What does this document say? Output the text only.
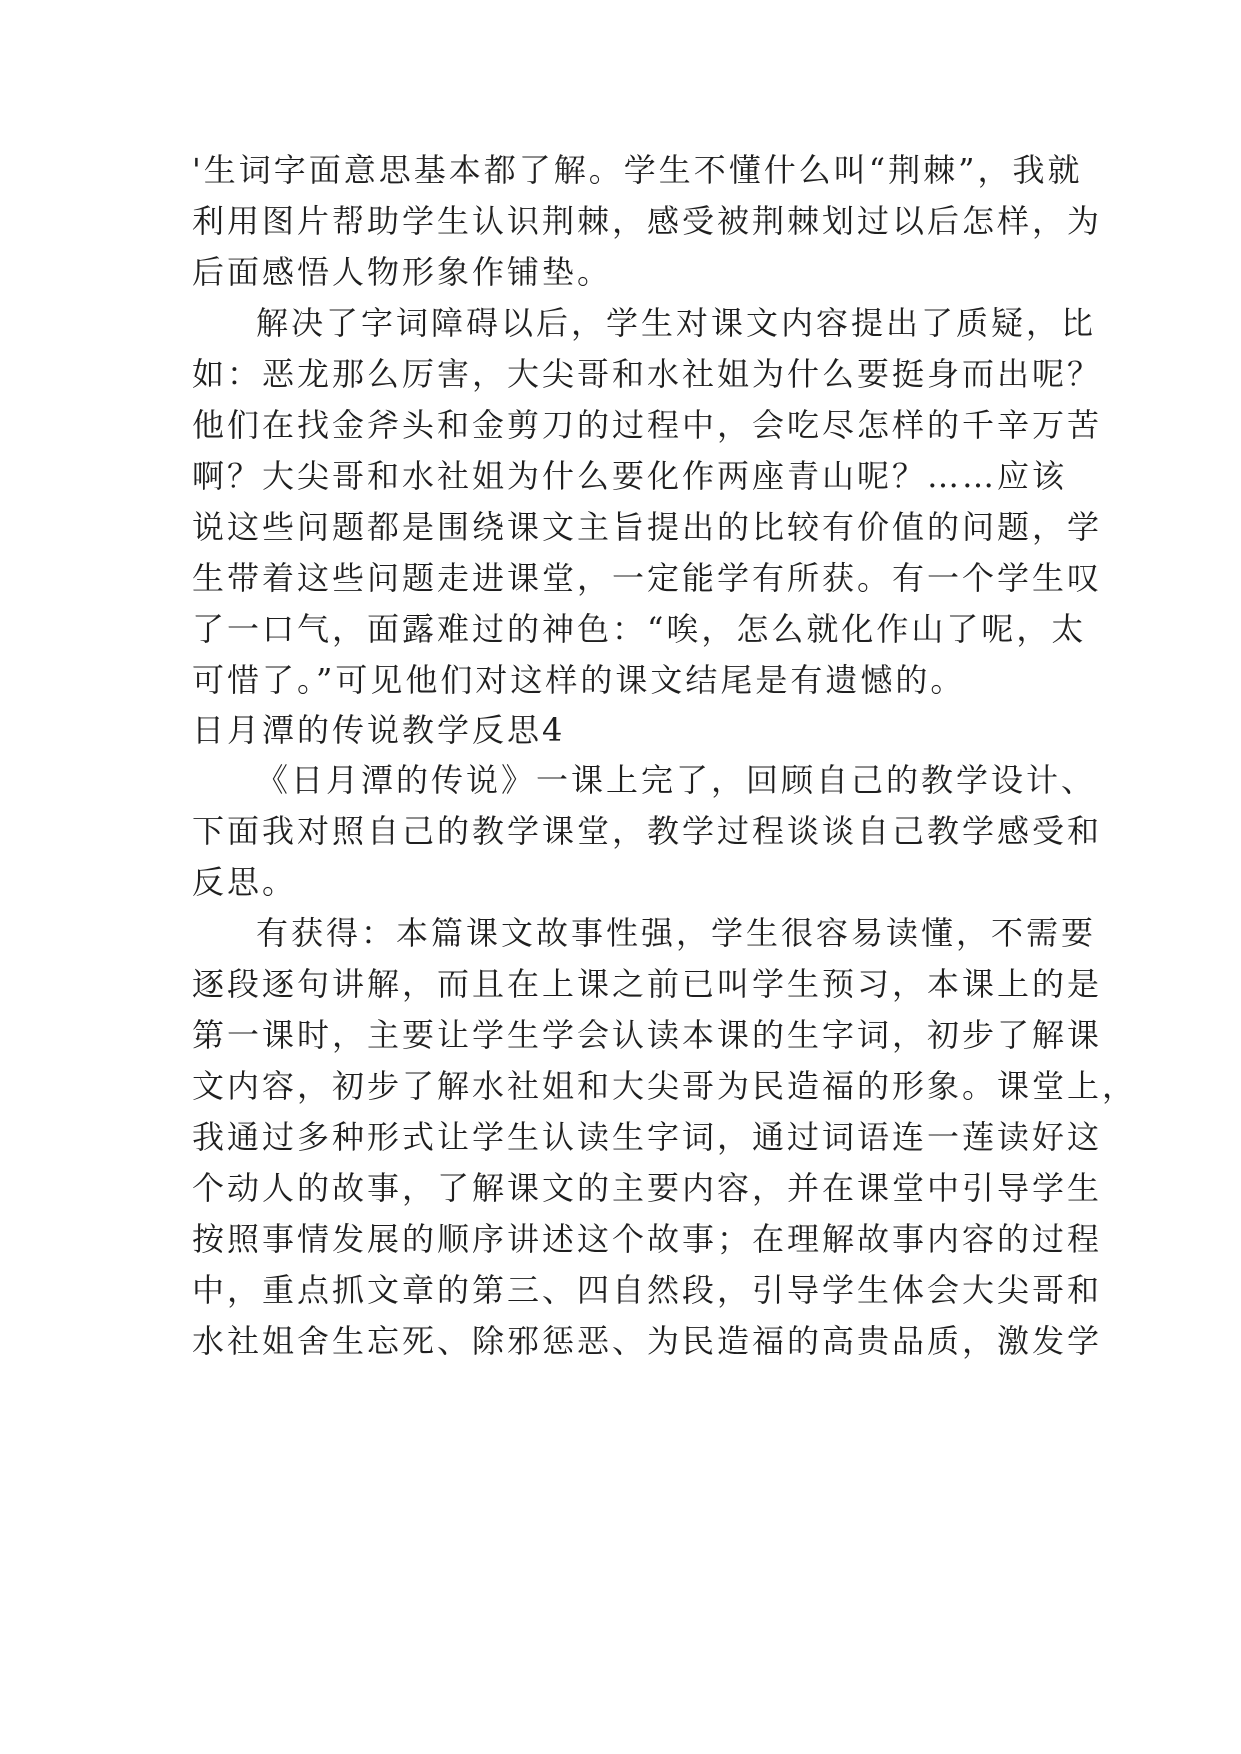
'生词字面意思基本都了解。学生不懂什么叫“荆棘”，我就
利用图片帮助学生认识荆棘，感受被荆棘划过以后怎样，为
后面感悟人物形象作铺垫。
解决了字词障碍以后，学生对课文内容提出了质疑，比
如：恶龙那么厉害，大尖哥和水社姐为什么要挺身而出呢？
他们在找金斧头和金剪刀的过程中，会吃尽怎样的千辛万苦
啊？大尖哥和水社姐为什么要化作两座青山呢？……应该
说这些问题都是围绕课文主旨提出的比较有价值的问题，学
生带着这些问题走进课堂，一定能学有所获。有一个学生叹
了一口气，面露难过的神色：“唉，怎么就化作山了呢，太
可惜了。”可见他们对这样的课文结尾是有遗憾的。
日月潭的传说教学反思4
《日月潭的传说》一课上完了，回顾自己的教学设计、
下面我对照自己的教学课堂，教学过程谈谈自己教学感受和
反思。
有获得：本篇课文故事性强，学生很容易读懂，不需要
逐段逐句讲解，而且在上课之前已叫学生预习，本课上的是
第一课时，主要让学生学会认读本课的生字词，初步了解课
文内容，初步了解水社姐和大尖哥为民造福的形象。课堂上，
我通过多种形式让学生认读生字词，通过词语连一莲读好这
个动人的故事，了解课文的主要内容，并在课堂中引导学生
按照事情发展的顺序讲述这个故事；在理解故事内容的过程
中，重点抓文章的第三、四自然段，引导学生体会大尖哥和
水社姐舍生忘死、除邪惩恶、为民造福的高贵品质，激发学
